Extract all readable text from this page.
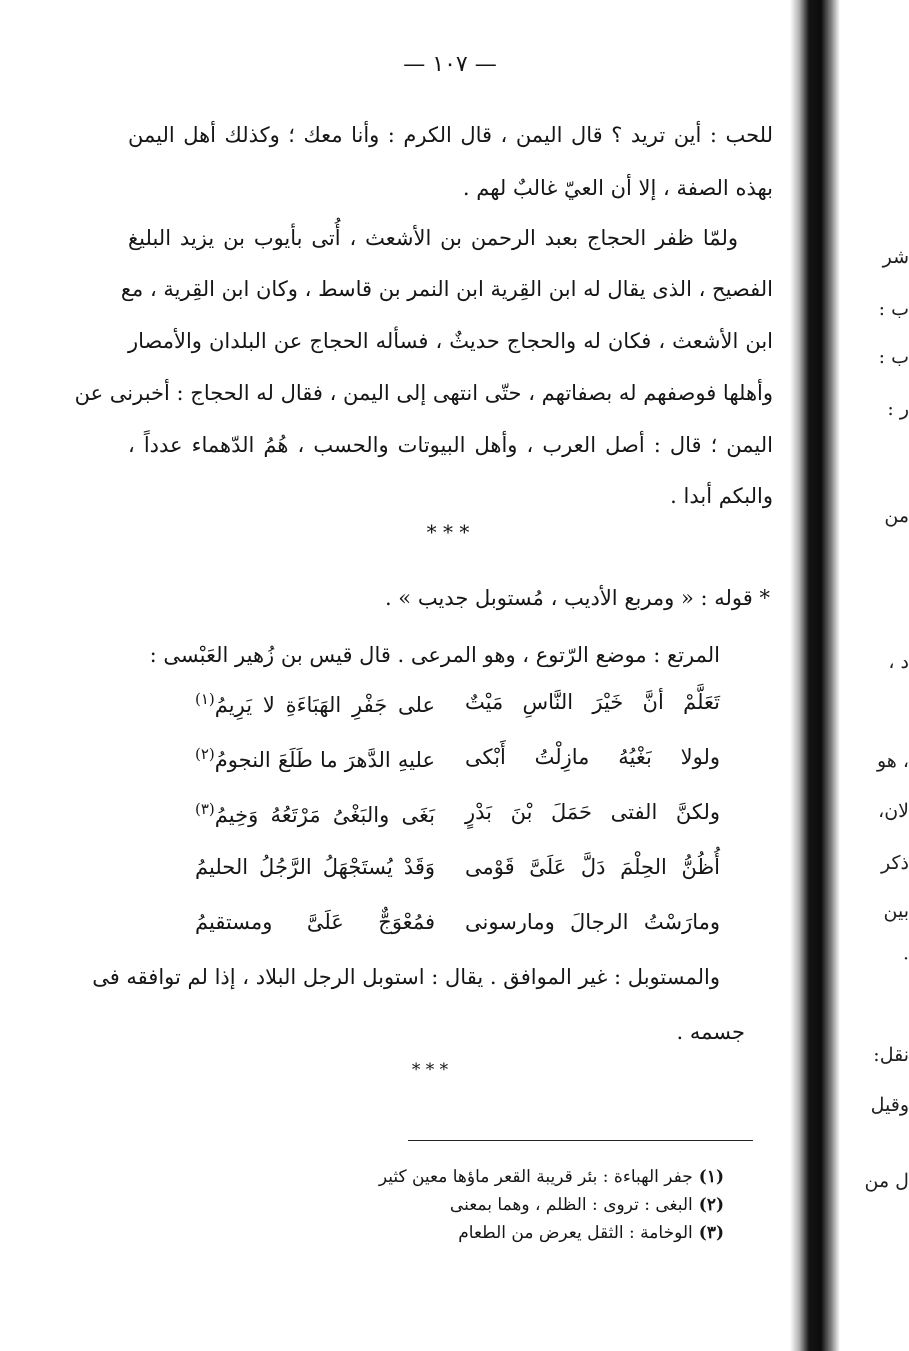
شر
ب :
ب :
ر :
من
د ،
، هو
لان،
ذكر
بين
·
نقل:
وقيل
ل من
— ١٠٧ —
للحب : أين تريد ؟ قال اليمن ، قال الكرم : وأنا معك ؛ وكذلك أهل اليمن
بهذه الصفة ، إلا أن العيّ غالبٌ لهم .
ولمّا ظفر الحجاج بعبد الرحمن بن الأشعث ، أُتى بأيوب بن يزيد البليغ
الفصيح ، الذى يقال له ابن القِرية ابن النمر بن قاسط ، وكان ابن القِرية ، مع
ابن الأشعث ، فكان له والحجاج حديثٌ ، فسأله الحجاج عن البلدان والأمصار
وأهلها فوصفهم له بصفاتهم ، حتّى انتهى إلى اليمن ، فقال له الحجاج : أخبرنى عن
اليمن ؛ قال : أصل العرب ، وأهل البيوتات والحسب ، هُمُ الدّهماء عدداً ،
والبكم أبدا .
* * *
* قوله : « ومربع الأديب ، مُستوبل جديب » .
المرتع : موضع الرّتوع ، وهو المرعى . قال قيس بن زُهير العَبْسى :
تَعَلَّمْ أنَّ خَيْرَ النَّاسِ مَيْتٌ
على جَفْرِ الهَبَاءَةِ لا يَرِيمُ$^{(١)}$
ولولا بَغْيُهُ مازِلْتُ أَبْكى
عليهِ الدَّهرَ ما طَلَعَ النجومُ$^{(٢)}$
ولكنَّ الفتى حَمَلَ بْنَ بَدْرٍ
بَغَى والبَغْىُ مَرْتَعُهُ وَخِيمُ$^{(٣)}$
أُظُنُّ الحِلْمَ دَلَّ عَلَىَّ قَوْمى
وَقَدْ يُستَجْهَلُ الرَّجُلُ الحليمُ
ومارَسْتُ الرجالَ ومارسونى
فمُعْوَجٌّ عَلَىَّ ومستقيمُ
والمستوبل : غير الموافق . يقال : استوبل الرجل البلاد ، إذا لم توافقه فى
جسمه .
* * *
(١)جفر الهباءة : بئر قريبة القعر ماؤها معين كثير
(٢)البغى : تروى : الظلم ، وهما بمعنى
(٣)الوخامة : الثقل يعرض من الطعام
